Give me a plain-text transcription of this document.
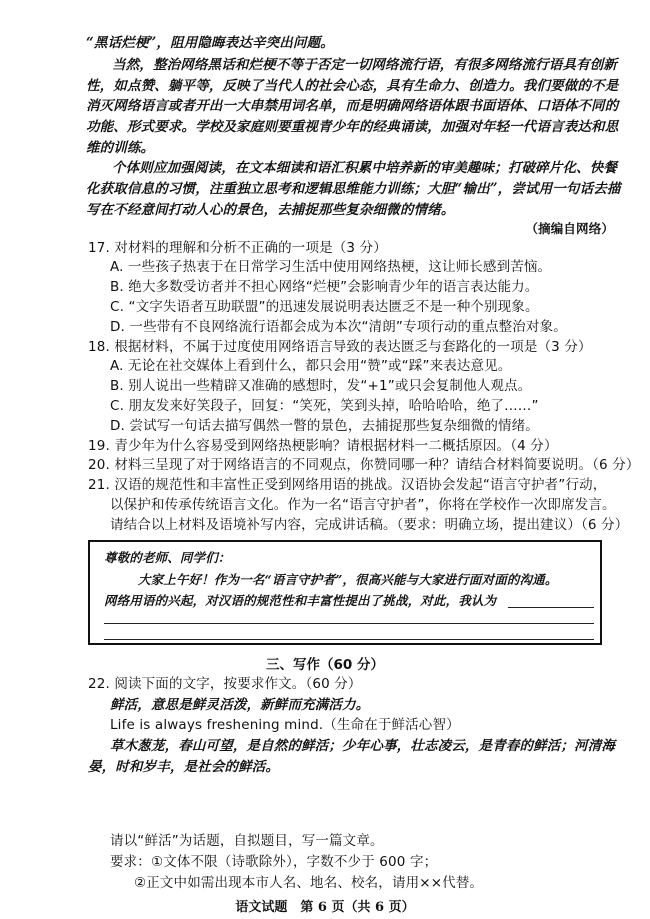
“黑话烂梗”，阻用隐晦表达辛突出问题。
当然，整治网络黑话和烂梗不等于否定一切网络流行语，有很多网络流行语具有创新
性，如点赞、躺平等，反映了当代人的社会心态，具有生命力、创造力。我们要做的不是
消灭网络语言或者开出一大串禁用词名单，而是明确网络语体跟书面语体、口语体不同的
功能、形式要求。学校及家庭则要重视青少年的经典诵读，加强对年轻一代语言表达和思
维的训练。
个体则应加强阅读，在文本细读和语汇积累中培养新的审美趣味；打破碎片化、快餐
化获取信息的习惯，注重独立思考和逻辑思维能力训练；大胆“输出”，尝试用一句话去描
写在不经意间打动人心的景色，去捕捉那些复杂细微的情绪。
（摘编自网络）
17. 对材料的理解和分析不正确的一项是（3 分）
A. 一些孩子热衷于在日常学习生活中使用网络热梗，这让师长感到苦恼。
B. 绝大多数受访者并不担心网络“烂梗”会影响青少年的语言表达能力。
C. “文字失语者互助联盟”的迅速发展说明表达匮乏不是一种个别现象。
D. 一些带有不良网络流行语都会成为本次“清朗”专项行动的重点整治对象。
18. 根据材料，不属于过度使用网络语言导致的表达匮乏与套路化的一项是（3 分）
A. 无论在社交媒体上看到什么，都只会用“赞”或“踩”来表达意见。
B. 别人说出一些精辟又准确的感想时，发“+1”或只会复制他人观点。
C. 朋友发来好笑段子，回复：“笑死，笑到头掉，哈哈哈哈，绝了……”
D. 尝试写一句话去描写偶然一瞥的景色，去捕捉那些复杂细微的情绪。
19. 青少年为什么容易受到网络热梗影响？请根据材料一二概括原因。（4 分）
20. 材料三呈现了对于网络语言的不同观点，你赞同哪一种？请结合材料简要说明。（6 分）
21. 汉语的规范性和丰富性正受到网络用语的挑战。汉语协会发起“语言守护者”行动，
以保护和传承传统语言文化。作为一名“语言守护者”，你将在学校作一次即席发言。
请结合以上材料及语境补写内容，完成讲话稿。（要求：明确立场，提出建议）（6 分）
尊敬的老师、同学们：
大家上午好！作为一名“语言守护者”，很高兴能与大家进行面对面的沟通。
网络用语的兴起，对汉语的规范性和丰富性提出了挑战，对此，我认为
三、写作（60 分）
22. 阅读下面的文字，按要求作文。（60 分）
鲜活，意思是鲜灵活泼，新鲜而充满活力。
Life is always freshening mind.（生命在于鲜活心智）
草木葱茏，春山可望，是自然的鲜活；少年心事，壮志凌云，是青春的鲜活；河清海
晏，时和岁丰，是社会的鲜活。
语文试题　第 6 页（共 6 页）
请以“鲜活”为话题，自拟题目，写一篇文章。
要求：①文体不限（诗歌除外），字数不少于 600 字；
②正文中如需出现本市人名、地名、校名，请用××代替。
